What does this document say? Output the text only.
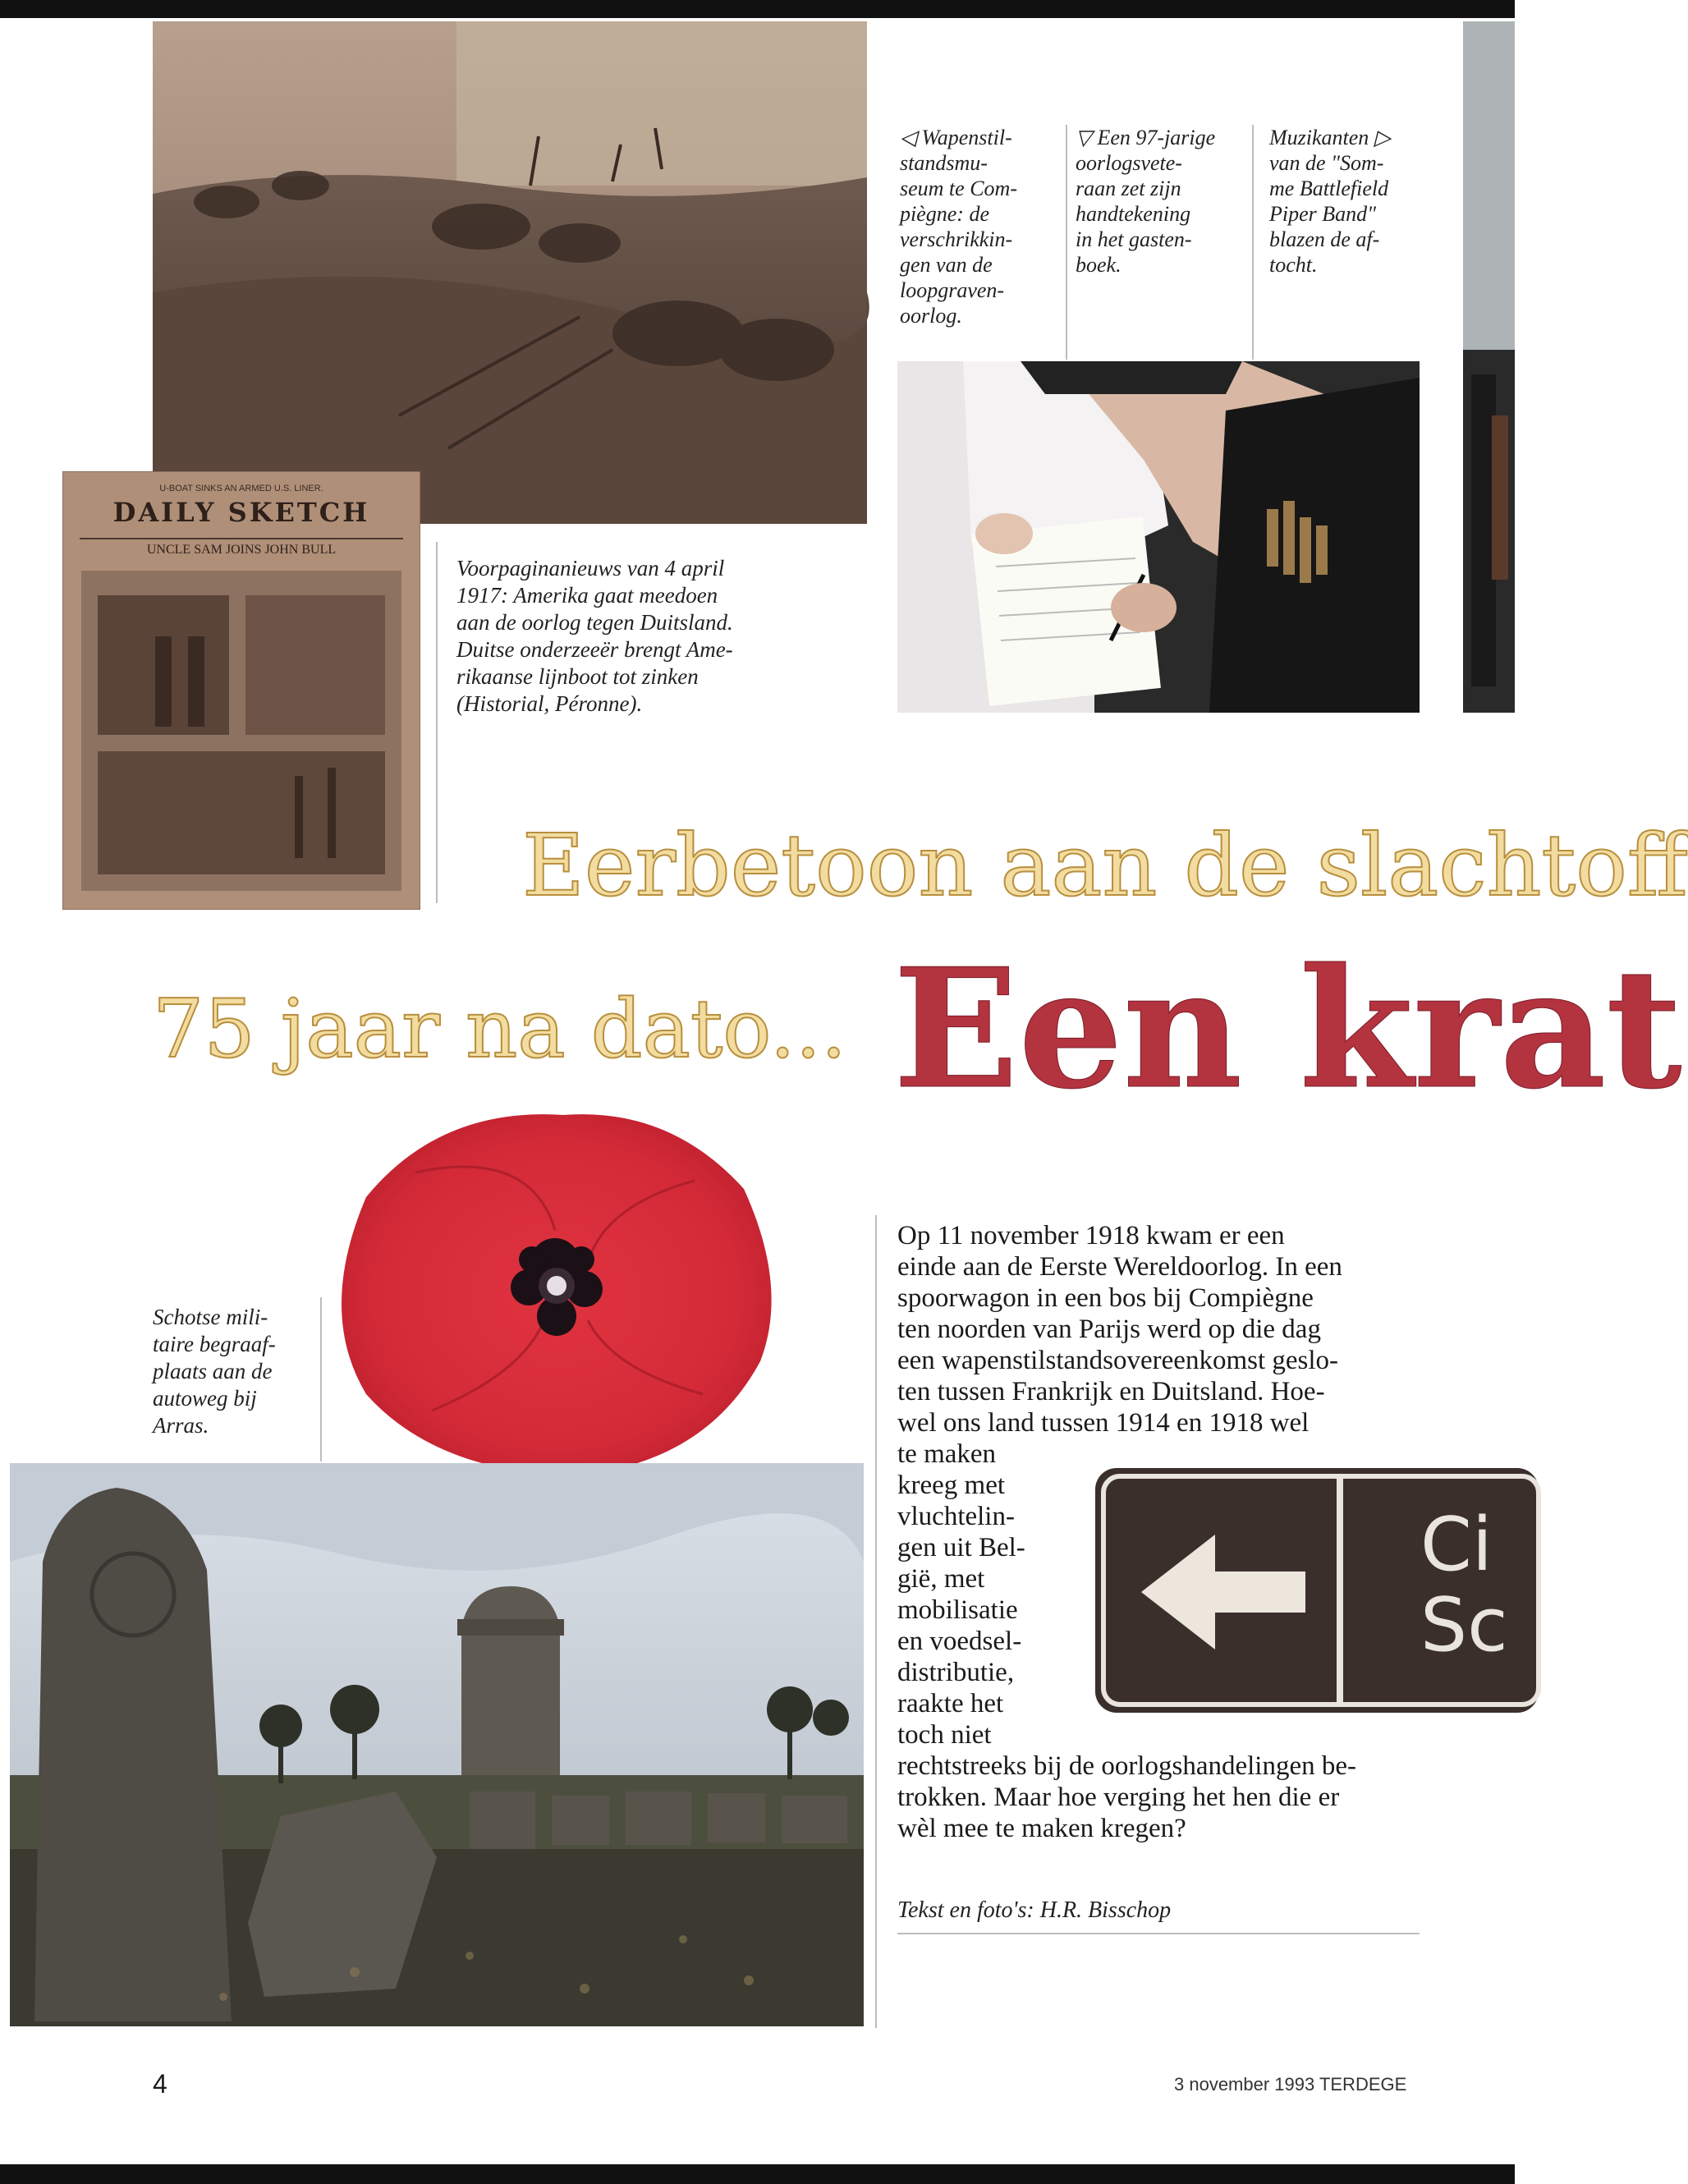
U-BOAT SINKS AN ARMED U.S. LINER.
DAILY SKETCH
UNCLE SAM JOINS JOHN BULL
Voorpaginanieuws van 4 april
1917: Amerika gaat meedoen
aan de oorlog tegen Duitsland.
Duitse onderzeeër brengt Ame-
rikaanse lijnboot tot zinken
(Historial, Péronne).
◁ Wapenstil-
standsmu-
seum te Com-
piègne: de
verschrikkin-
gen van de
loopgraven-
oorlog.
▽ Een 97-jarige
oorlogsvete-
raan zet zijn
handtekening
in het gasten-
boek.
Muzikanten ▷
van de "Som-
me Battlefield
Piper Band"
blazen de af-
tocht.
Eerbetoon aan de slachtoff
75 jaar na dato... Een krat
Schotse mili-
taire begraaf-
plaats aan de
autoweg bij
Arras.
Op 11 november 1918 kwam er een
einde aan de Eerste Wereldoorlog. In een
spoorwagon in een bos bij Compiègne
ten noorden van Parijs werd op die dag
een wapenstilstandsovereenkomst geslo-
ten tussen Frankrijk en Duitsland. Hoe-
wel ons land tussen 1914 en 1918 wel
te maken
kreeg met
vluchtelin-
gen uit Bel-
gië, met
mobilisatie
en voedsel-
distributie,
raakte het
toch niet
rechtstreeks bij de oorlogshandelingen be-
trokken. Maar hoe verging het hen die er
wèl mee te maken kregen?
Ci
Sc
Tekst en foto's: H.R. Bisschop
4	3 november 1993 TERDEGE
